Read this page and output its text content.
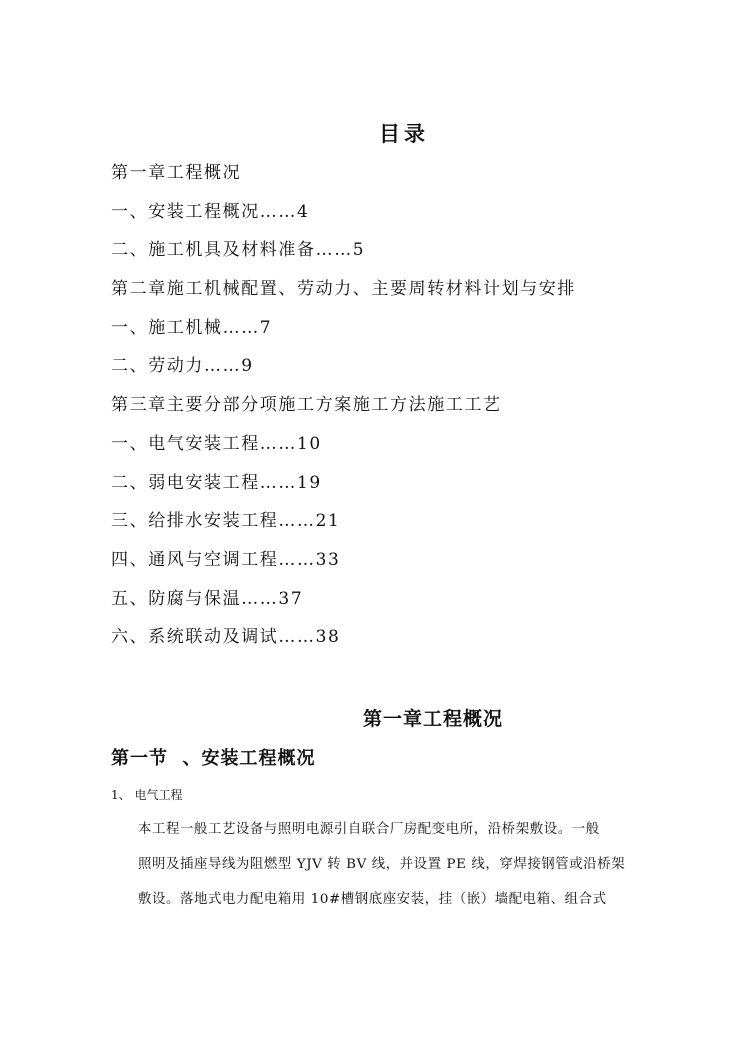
目录
第一章工程概况
一、安装工程概况……4
二、施工机具及材料准备……5
第二章施工机械配置、劳动力、主要周转材料计划与安排
一、施工机械……7
二、劳动力……9
第三章主要分部分项施工方案施工方法施工工艺
一、电气安装工程……10
二、弱电安装工程……19
三、给排水安装工程……21
四、通风与空调工程……33
五、防腐与保温……37
六、系统联动及调试……38
第一章工程概况
第一节  、安装工程概况
1、 电气工程
本工程一般工艺设备与照明电源引自联合厂房配变电所，沿桥架敷设。一般
照明及插座导线为阻燃型 YJV 转 BV 线，并设置 PE 线，穿焊接钢管或沿桥架
敷设。落地式电力配电箱用 10#槽钢底座安装，挂（嵌）墙配电箱、组合式
